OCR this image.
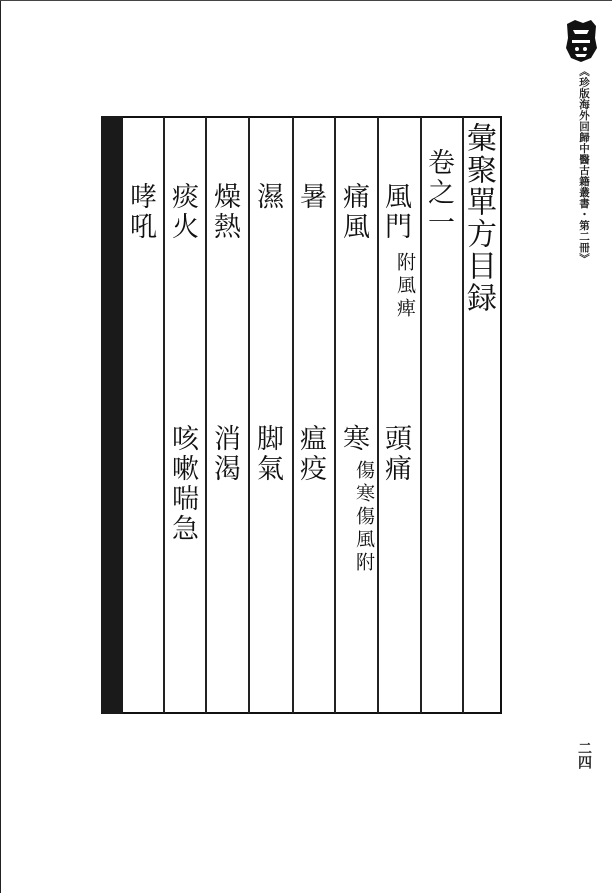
《珍版海外回歸中醫古籍叢書・第二冊》
二四
彙聚單方目録
卷之一
風門
附風痺
頭痛
痛風
寒
傷寒傷風附
暑
瘟疫
濕
脚氣
燥熱
消渴
痰火
咳嗽喘急
哮吼
